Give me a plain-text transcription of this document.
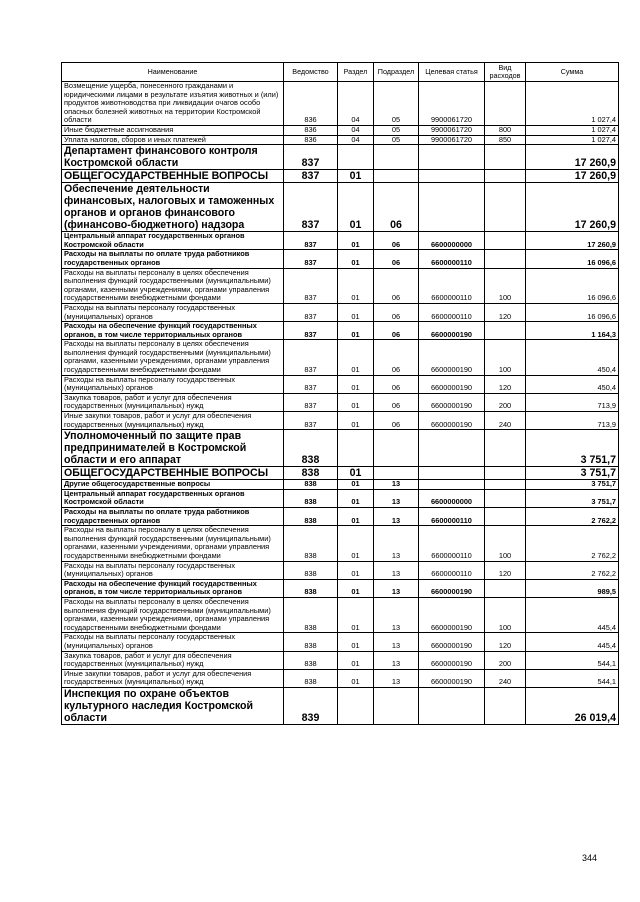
Наименование	Ведомство	Раздел	Подраздел	Целевая статья	Вид расходов	Сумма
Возмещение ущерба, понесенного гражданами и юридическими лицами в результате изъятия животных и (или) продуктов животноводства при ликвидации очагов особо опасных болезней животных на территории Костромской области	836	04	05	9900061720		1 027,4
Иные бюджетные ассигнования	836	04	05	9900061720	800	1 027,4
Уплата налогов, сборов и иных платежей	836	04	05	9900061720	850	1 027,4
Департамент финансового контроля Костромской области	837					17 260,9
ОБЩЕГОСУДАРСТВЕННЫЕ ВОПРОСЫ	837	01				17 260,9
Обеспечение деятельности финансовых, налоговых и таможенных органов и органов финансового (финансово-бюджетного) надзора	837	01	06			17 260,9
Центральный аппарат государственных органов Костромской области	837	01	06	6600000000		17 260,9
Расходы на выплаты по оплате труда работников государственных органов	837	01	06	6600000110		16 096,6
Расходы на выплаты персоналу в целях обеспечения выполнения функций государственными (муниципальными) органами, казенными учреждениями, органами управления государственными внебюджетными фондами	837	01	06	6600000110	100	16 096,6
Расходы на выплаты персоналу государственных (муниципальных) органов	837	01	06	6600000110	120	16 096,6
Расходы на обеспечение функций государственных органов, в том числе территориальных органов	837	01	06	6600000190		1 164,3
Расходы на выплаты персоналу в целях обеспечения выполнения функций государственными (муниципальными) органами, казенными учреждениями, органами управления государственными внебюджетными фондами	837	01	06	6600000190	100	450,4
Расходы на выплаты персоналу государственных (муниципальных) органов	837	01	06	6600000190	120	450,4
Закупка товаров, работ и услуг для обеспечения государственных (муниципальных) нужд	837	01	06	6600000190	200	713,9
Иные закупки товаров, работ и услуг для обеспечения государственных (муниципальных) нужд	837	01	06	6600000190	240	713,9
Уполномоченный по защите прав предпринимателей в Костромской области и его аппарат	838					3 751,7
ОБЩЕГОСУДАРСТВЕННЫЕ ВОПРОСЫ	838	01				3 751,7
Другие общегосударственные вопросы	838	01	13			3 751,7
Центральный аппарат государственных органов Костромской области	838	01	13	6600000000		3 751,7
Расходы на выплаты по оплате труда работников государственных органов	838	01	13	6600000110		2 762,2
Расходы на выплаты персоналу в целях обеспечения выполнения функций государственными (муниципальными) органами, казенными учреждениями, органами управления государственными внебюджетными фондами	838	01	13	6600000110	100	2 762,2
Расходы на выплаты персоналу государственных (муниципальных) органов	838	01	13	6600000110	120	2 762,2
Расходы на обеспечение функций государственных органов, в том числе территориальных органов	838	01	13	6600000190		989,5
Расходы на выплаты персоналу в целях обеспечения выполнения функций государственными (муниципальными) органами, казенными учреждениями, органами управления государственными внебюджетными фондами	838	01	13	6600000190	100	445,4
Расходы на выплаты персоналу государственных (муниципальных) органов	838	01	13	6600000190	120	445,4
Закупка товаров, работ и услуг для обеспечения государственных (муниципальных) нужд	838	01	13	6600000190	200	544,1
Иные закупки товаров, работ и услуг для обеспечения государственных (муниципальных) нужд	838	01	13	6600000190	240	544,1
Инспекция по охране объектов культурного наследия Костромской области	839					26 019,4
344
